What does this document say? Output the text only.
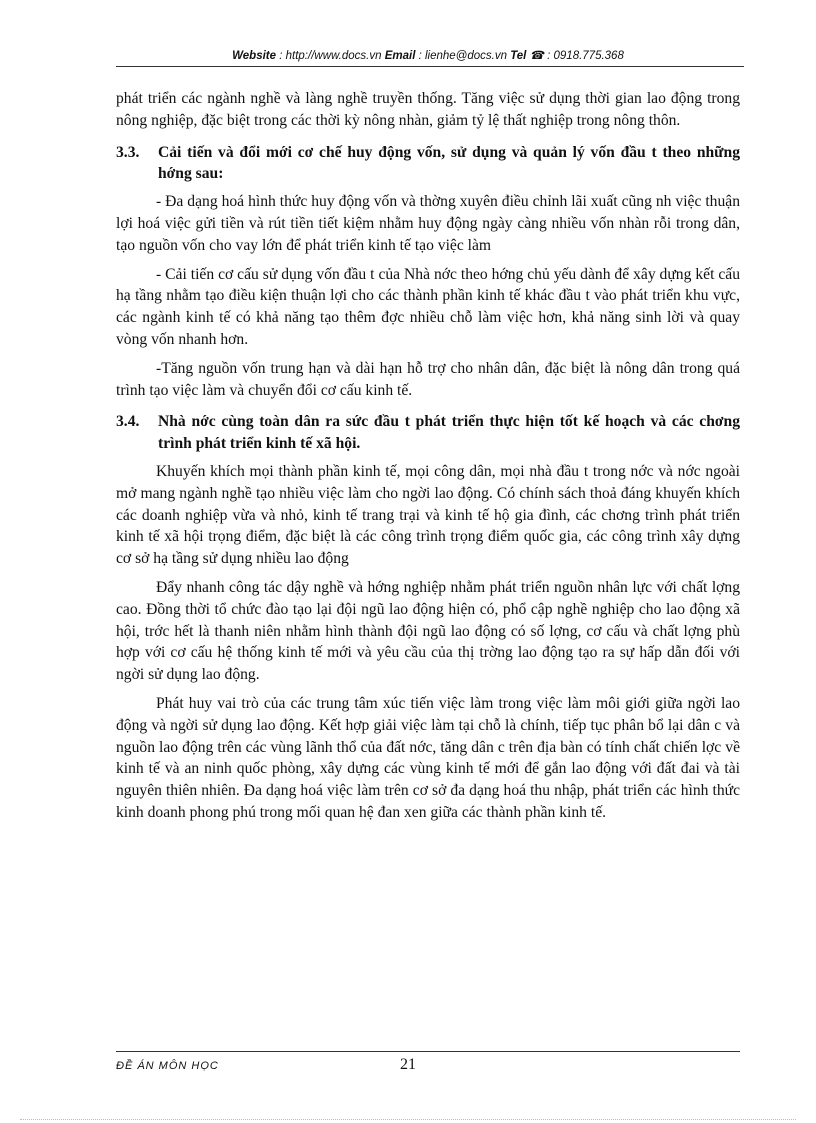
Website : http://www.docs.vn Email : lienhe@docs.vn Tel ☎ : 0918.775.368

phát triển các ngành nghề và làng nghề truyền thống. Tăng việc sử dụng thời gian lao động trong nông nghiệp, đặc biệt trong các thời kỳ nông nhàn, giảm tỷ lệ thất nghiệp trong nông thôn.

3.3.	Cải tiến và đổi mới cơ chế huy động vốn, sử dụng và quản lý vốn đầu t theo những hớng sau:

- Đa dạng hoá hình thức huy động vốn và thờng xuyên điều chỉnh lãi xuất cũng nh việc thuận lợi hoá việc gửi tiền và rút tiền tiết kiệm nhằm huy động ngày càng nhiều vốn nhàn rỗi trong dân, tạo nguồn vốn cho vay lớn để phát triển kinh tế tạo việc làm

- Cải tiến cơ cấu sử dụng vốn đầu t của Nhà nớc theo hớng chủ yếu dành để xây dựng kết cấu hạ tầng nhằm tạo điều kiện thuận lợi cho các thành phần kinh tế khác đầu t vào phát triển khu vực, các ngành kinh tế có khả năng tạo thêm đợc nhiều chỗ làm việc hơn, khả năng sinh lời và quay vòng vốn nhanh hơn.

-Tăng nguồn vốn trung hạn và dài hạn hỗ trợ cho nhân dân, đặc biệt là nông dân trong quá trình tạo việc làm và chuyển đổi cơ cấu kinh tế.

3.4.	Nhà nớc cùng toàn dân ra sức đầu t phát triển thực hiện tốt kế hoạch và các chơng trình phát triển kinh tế xã hội.

Khuyến khích mọi thành phần kinh tế, mọi công dân, mọi nhà đầu t trong nớc và nớc ngoài mở mang ngành nghề tạo nhiều việc làm cho ngời lao động. Có chính sách thoả đáng khuyến khích các doanh nghiệp vừa và nhỏ, kinh tế trang trại và kinh tế hộ gia đình, các chơng trình phát triển kinh tế xã hội trọng điểm, đặc biệt là các công trình trọng điểm quốc gia, các công trình xây dựng cơ sở hạ tầng sử dụng nhiều lao động

Đẩy nhanh công tác dậy nghề và hớng nghiệp nhằm phát triển nguồn nhân lực với chất lợng cao. Đồng thời tổ chức đào tạo lại đội ngũ lao động hiện có, phổ cập nghề nghiệp cho lao động xã hội, trớc hết là thanh niên nhằm hình thành đội ngũ lao động có số lợng, cơ cấu và chất lợng phù hợp với cơ cấu hệ thống kinh tế mới và yêu cầu của thị trờng lao động tạo ra sự hấp dẫn đối với ngời sử dụng lao động.

Phát huy vai trò của các trung tâm xúc tiến việc làm trong việc làm môi giới giữa ngời lao động và ngời sử dụng lao động. Kết hợp giải việc làm tại chỗ là chính, tiếp tục phân bổ lại dân c và nguồn lao động trên các vùng lãnh thổ của đất nớc, tăng dân c trên địa bàn có tính chất chiến lợc về kinh tế và an ninh quốc phòng, xây dựng các vùng kinh tế mới để gắn lao động với đất đai và tài nguyên thiên nhiên. Đa dạng hoá việc làm trên cơ sở đa dạng hoá thu nhập, phát triển các hình thức kinh doanh phong phú trong mối quan hệ đan xen giữa các thành phần kinh tế.

ĐỀ ÁN MÔN HỌC	21
